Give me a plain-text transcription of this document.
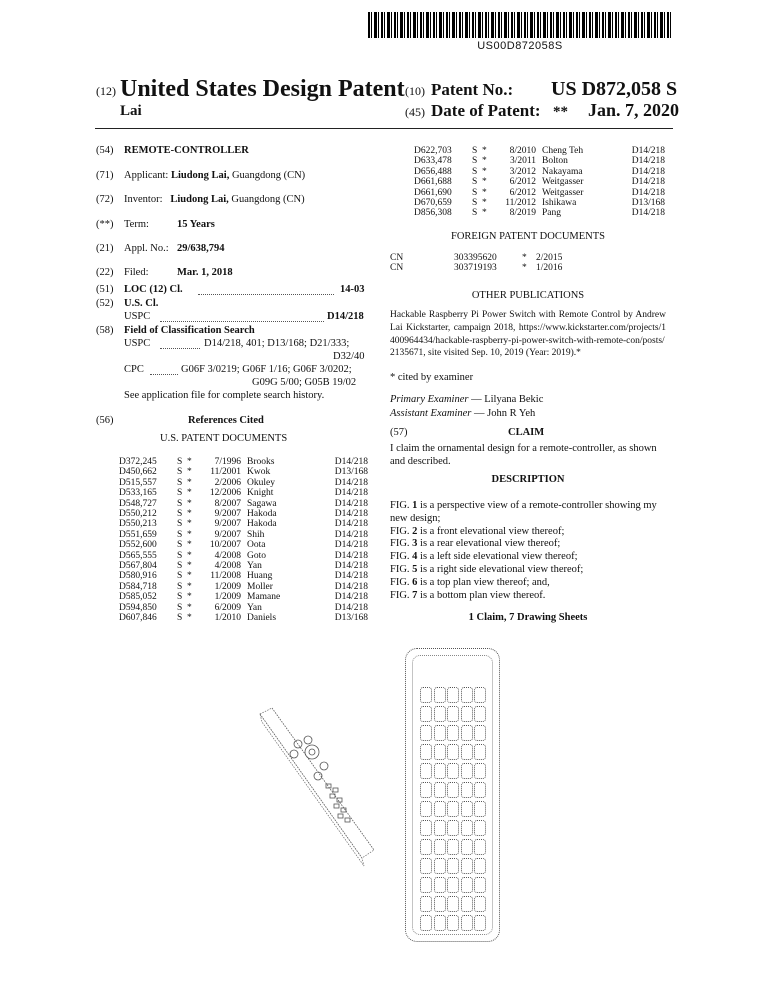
US00D872058S
(12) United States Design Patent
Lai
(10) Patent No.: US D872,058 S
(45) Date of Patent: ** Jan. 7, 2020
(54) REMOTE-CONTROLLER
(71) Applicant: Liudong Lai, Guangdong (CN)
(72) Inventor: Liudong Lai, Guangdong (CN)
(**) Term:	15 Years
(21) Appl. No.: 29/638,794
(22) Filed:	Mar. 1, 2018
(51) LOC (12) Cl.	14-03
(52) U.S. Cl.
USPC	D14/218
(58) Field of Classification Search
USPC	D14/218, 401; D13/168; D21/333;
D32/40
CPC	G06F 3/0219; G06F 1/16; G06F 3/0202;
G09G 5/00; G05B 19/02
See application file for complete search history.
(56)	References Cited
U.S. PATENT DOCUMENTS
D372,245 S * 7/1996 Brooks	D14/218
D450,662 S * 11/2001 Kwok	D13/168
D515,557 S * 2/2006 Okuley	D14/218
D533,165 S * 12/2006 Knight	D14/218
D548,727 S * 8/2007 Sagawa	D14/218
D550,212 S * 9/2007 Hakoda	D14/218
D550,213 S * 9/2007 Hakoda	D14/218
D551,659 S * 9/2007 Shih	D14/218
D552,600 S * 10/2007 Oota	D14/218
D565,555 S * 4/2008 Goto	D14/218
D567,804 S * 4/2008 Yan	D14/218
D580,916 S * 11/2008 Huang	D14/218
D584,718 S * 1/2009 Moller	D14/218
D585,052 S * 1/2009 Mamane	D14/218
D594,850 S * 6/2009 Yan	D14/218
D607,846 S * 1/2010 Daniels	D13/168
D622,703 S * 8/2010 Cheng Teh	D14/218
D633,478 S * 3/2011 Bolton	D14/218
D656,488 S * 3/2012 Nakayama	D14/218
D661,688 S * 6/2012 Weitgasser	D14/218
D661,690 S * 6/2012 Weitgasser	D14/218
D670,659 S * 11/2012 Ishikawa	D13/168
D856,308 S * 8/2019 Pang	D14/218
FOREIGN PATENT DOCUMENTS
CN	303395620	* 2/2015
CN	303719193	* 1/2016
OTHER PUBLICATIONS
Hackable Raspberry Pi Power Switch with Remote Control by Andrew Lai Kickstarter, campaign 2018, https://www.kickstarter.com/projects/1400964434/hackable-raspberry-pi-power-switch-with-remote-con/posts/2135671, site visited Sep. 10, 2019 (Year: 2019).*
* cited by examiner
Primary Examiner — Lilyana Bekic
Assistant Examiner — John R Yeh
(57)	CLAIM
I claim the ornamental design for a remote-controller, as shown and described.
DESCRIPTION
FIG. 1 is a perspective view of a remote-controller showing my new design;
FIG. 2 is a front elevational view thereof;
FIG. 3 is a rear elevational view thereof;
FIG. 4 is a left side elevational view thereof;
FIG. 5 is a right side elevational view thereof;
FIG. 6 is a top plan view thereof; and,
FIG. 7 is a bottom plan view thereof.
1 Claim, 7 Drawing Sheets
